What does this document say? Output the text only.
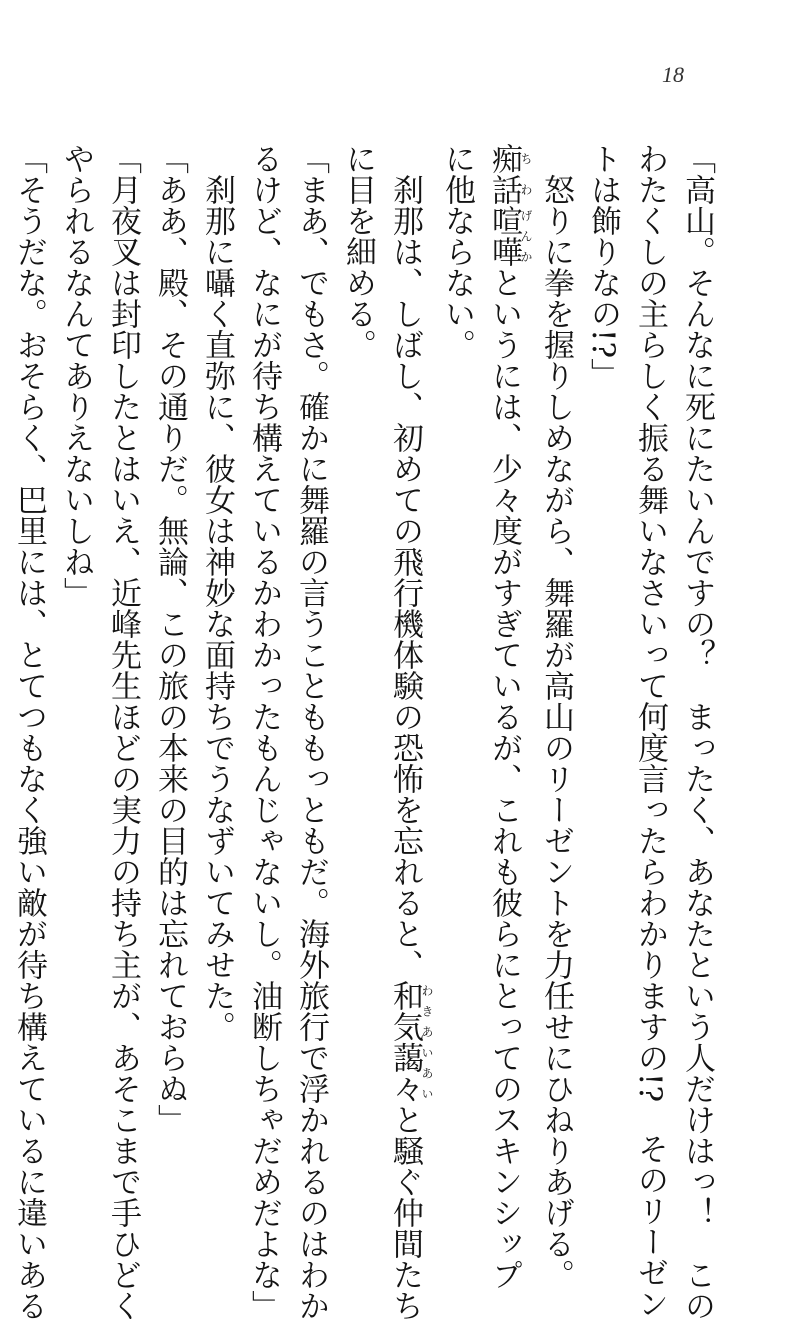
18
「高山。そんなに死にたいんですの？　まったく、あなたという人だけはっ！　この
わたくしの主らしく振る舞いなさいって何度言ったらわかりますの!?　そのリーゼン
トは飾りなの!?」
怒りに拳を握りしめながら、舞羅が高山のリーゼントを力任せにひねりあげる。
痴話ちわ喧嘩げんかというには、少々度がすぎているが、これも彼らにとってのスキンシップ
に他ならない。
刹那は、しばし、初めての飛行機体験の恐怖を忘れると、和気藹々わきあいあいと騒ぐ仲間たち
に目を細める。
「まあ、でもさ。確かに舞羅の言うことももっともだ。海外旅行で浮かれるのはわか
るけど、なにが待ち構えているかわかったもんじゃないし。油断しちゃだめだよな」
刹那に囁く直弥に、彼女は神妙な面持ちでうなずいてみせた。
「ああ、殿、その通りだ。無論、この旅の本来の目的は忘れておらぬ」
「月夜叉は封印したとはいえ、近峰先生ほどの実力の持ち主が、あそこまで手ひどく
やられるなんてありえないしね」
「そうだな。おそらく、巴里には、とてつもなく強い敵が待ち構えているに違いある
